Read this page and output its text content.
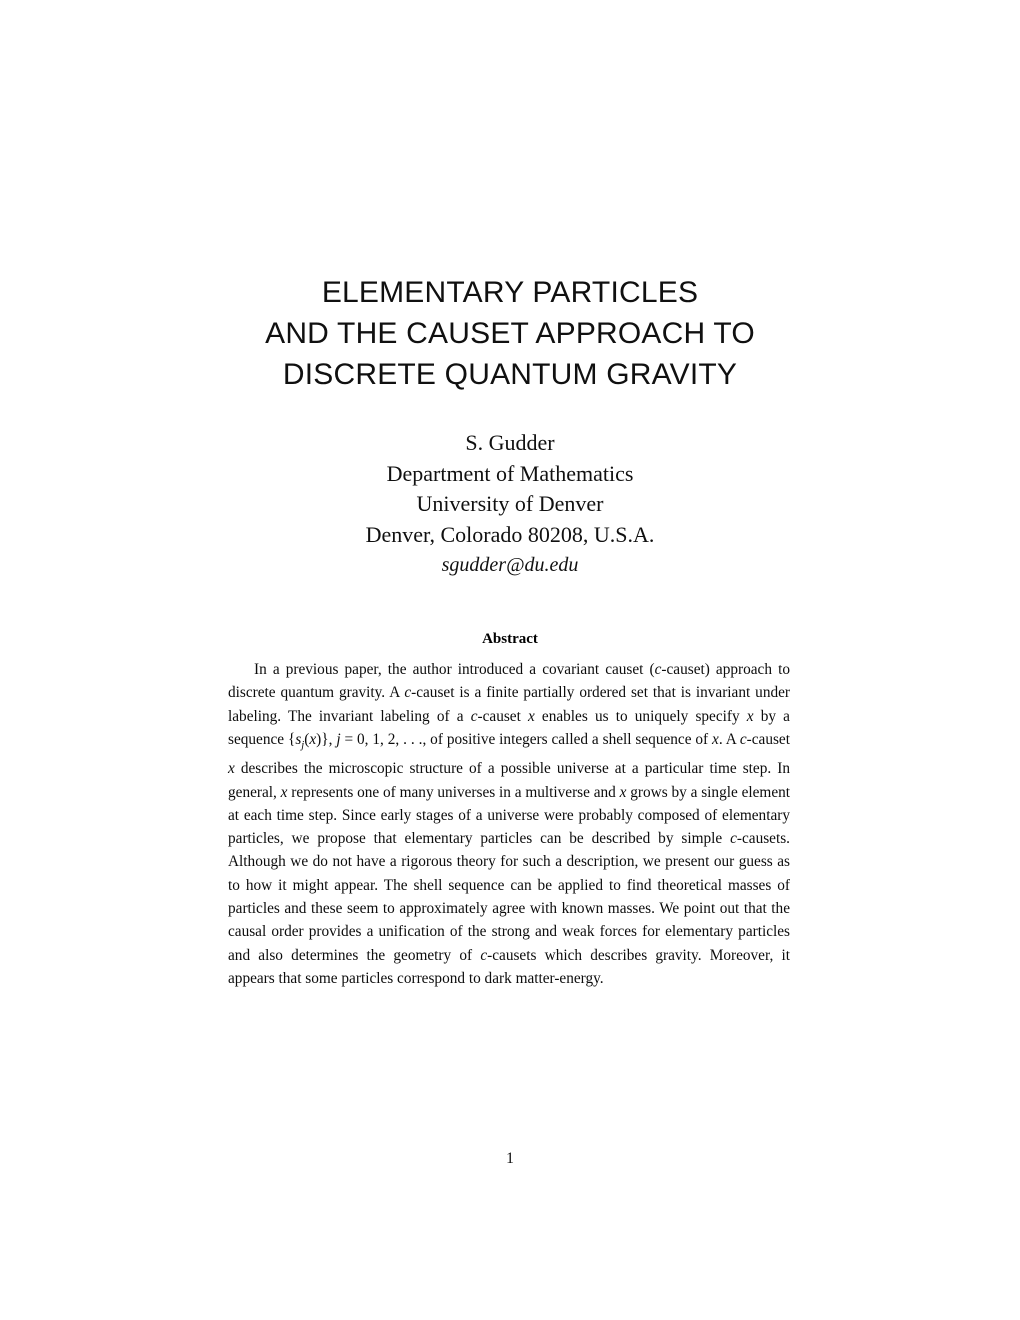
ELEMENTARY PARTICLES
AND THE CAUSET APPROACH TO
DISCRETE QUANTUM GRAVITY
S. Gudder
Department of Mathematics
University of Denver
Denver, Colorado 80208, U.S.A.
sgudder@du.edu
Abstract

In a previous paper, the author introduced a covariant causet (c-causet) approach to discrete quantum gravity. A c-causet is a finite partially ordered set that is invariant under labeling. The invariant labeling of a c-causet x enables us to uniquely specify x by a sequence $\{s_j(x)\}$, j = 0, 1, 2, . . ., of positive integers called a shell sequence of x. A c-causet x describes the microscopic structure of a possible universe at a particular time step. In general, x represents one of many universes in a multiverse and x grows by a single element at each time step. Since early stages of a universe were probably composed of elementary particles, we propose that elementary particles can be described by simple c-causets. Although we do not have a rigorous theory for such a description, we present our guess as to how it might appear. The shell sequence can be applied to find theoretical masses of particles and these seem to approximately agree with known masses. We point out that the causal order provides a unification of the strong and weak forces for elementary particles and also determines the geometry of c-causets which describes gravity. Moreover, it appears that some particles correspond to dark matter-energy.

1
